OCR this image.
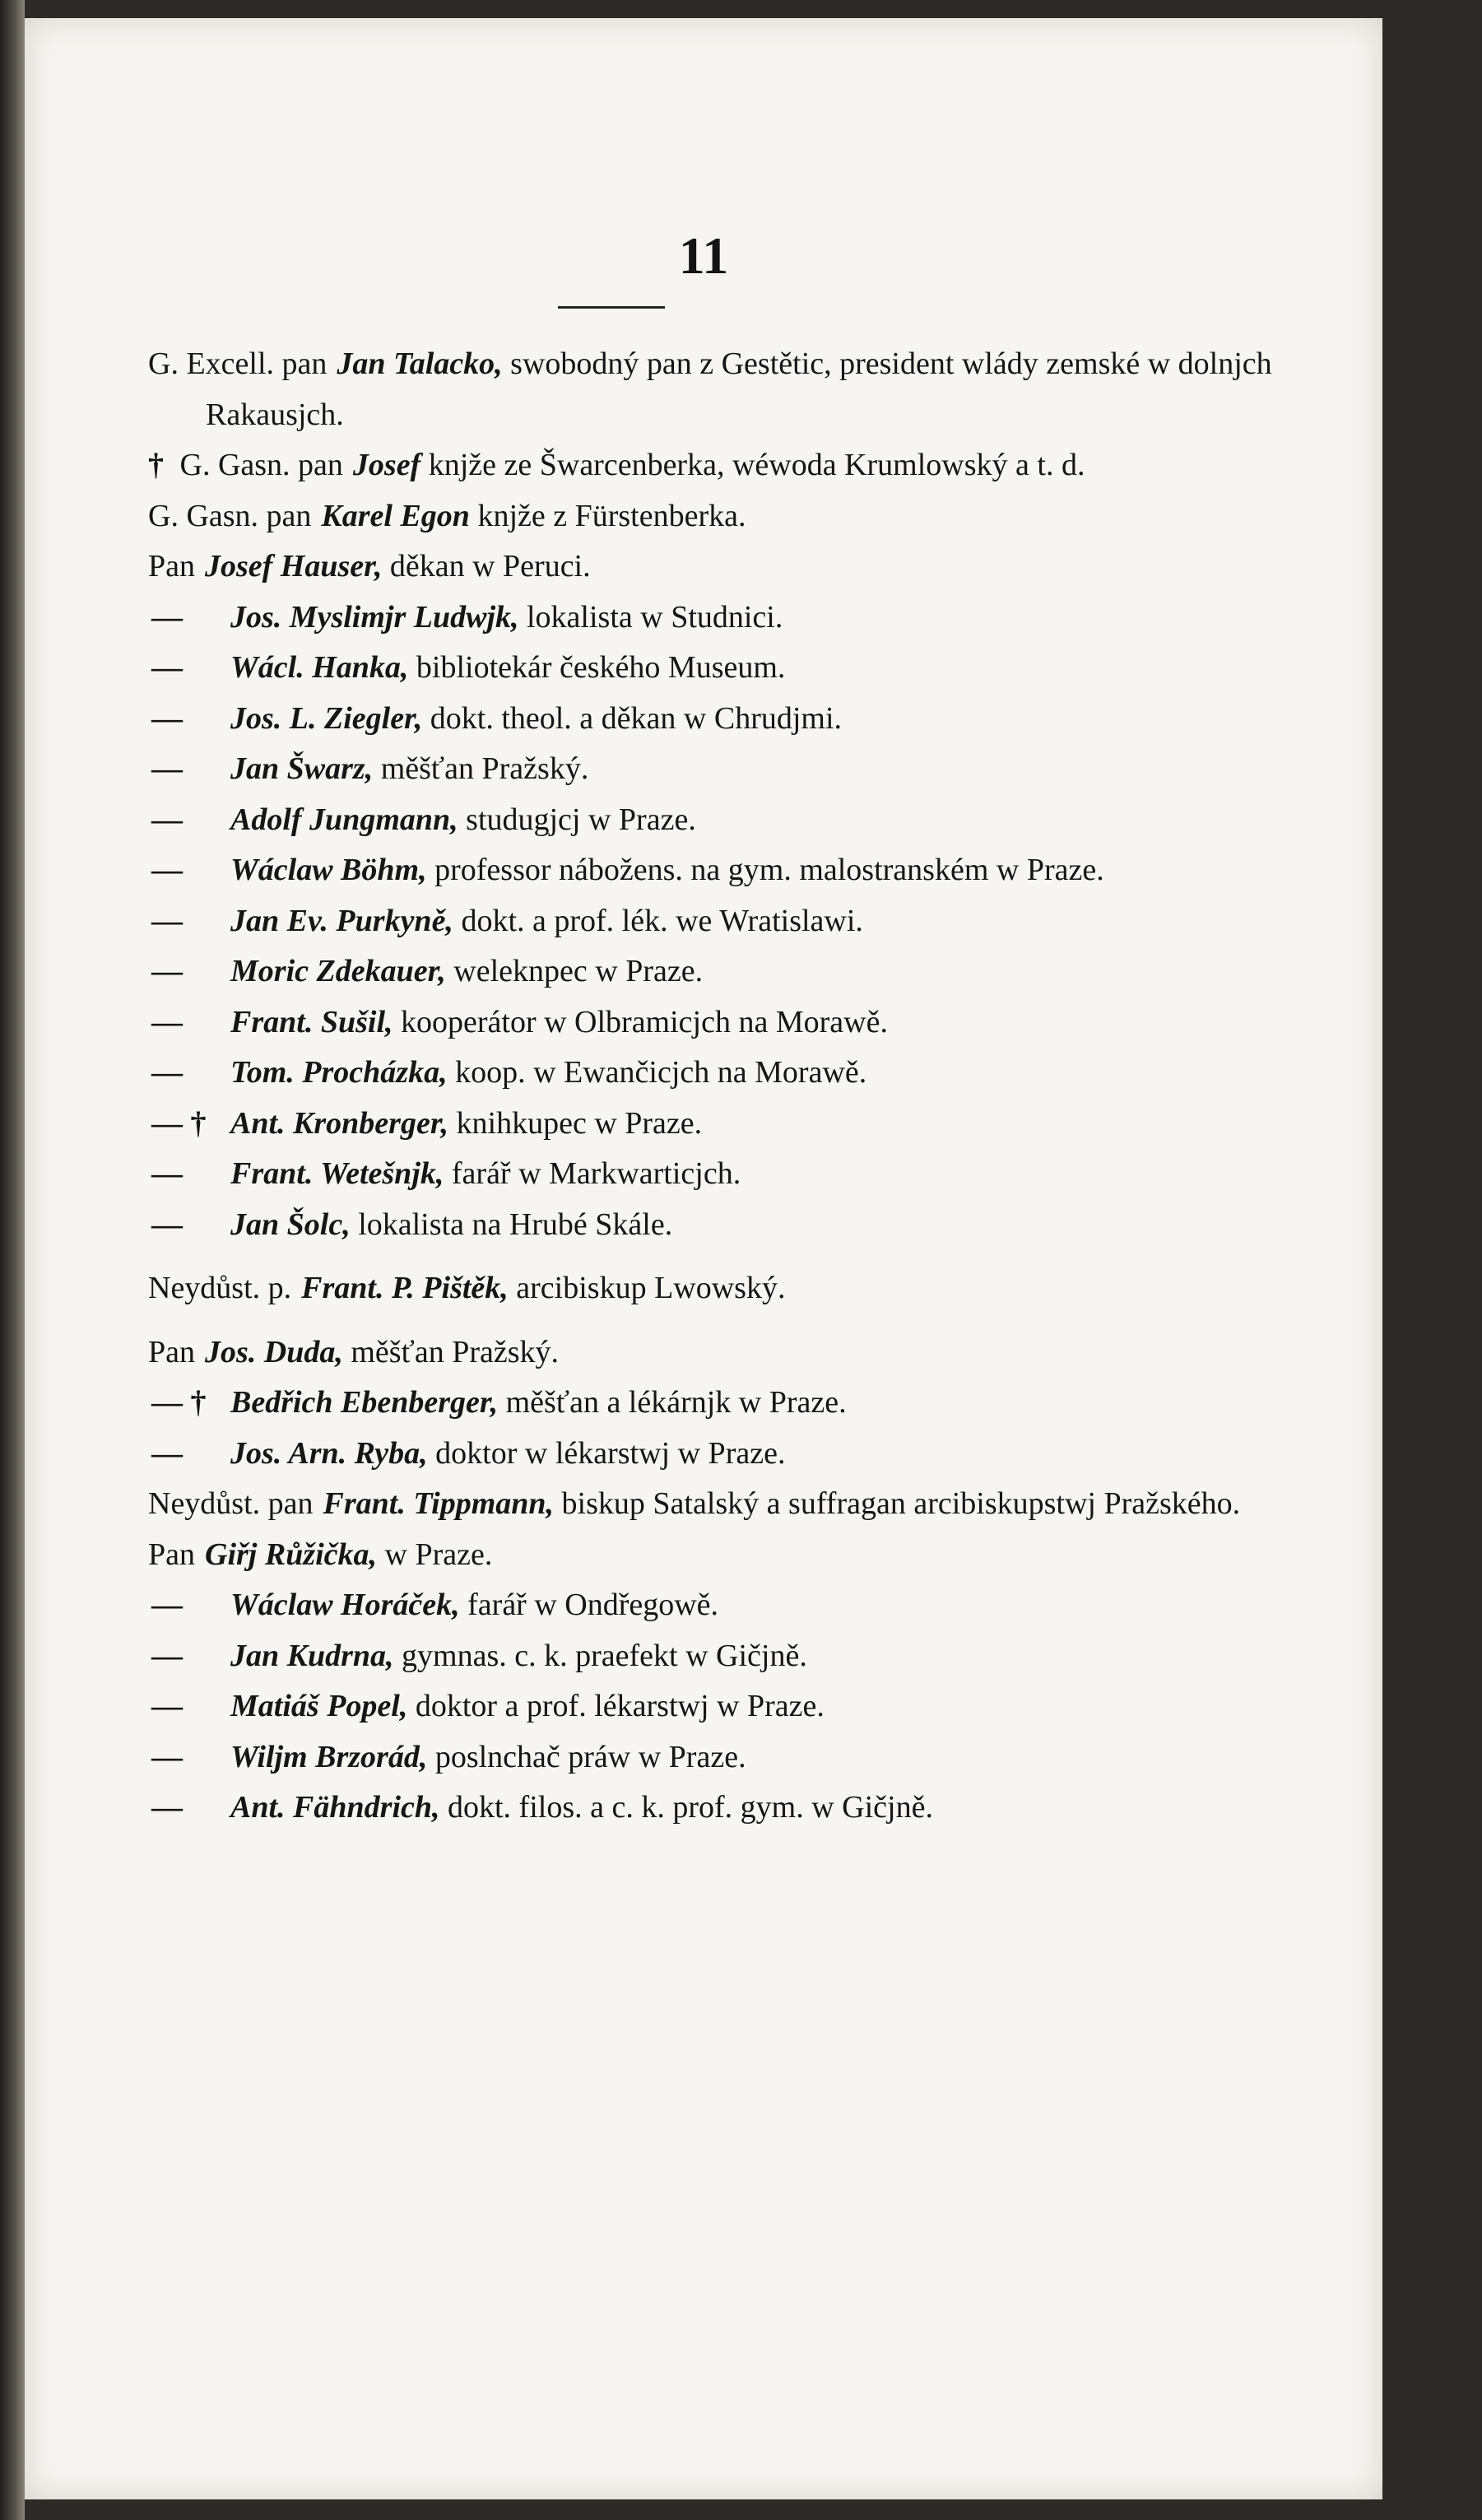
11
G. Excell. pan Jan Talacko, swobodný pan z Gestětic, president wlády zemské w dolnjch Rakausjch.
† G. Gasn. pan Josef knjže ze Šwarcenberka, wéwoda Krumlowský a t. d.
G. Gasn. pan Karel Egon knjže z Fürstenberka.
Pan Josef Hauser, děkan w Peruci.
— Jos. Myslimjr Ludwjk, lokalista w Studnici.
— Wácl. Hanka, bibliotekár českého Museum.
— Jos. L. Ziegler, dokt. theol. a děkan w Chrudjmi.
— Jan Šwarz, měšťan Pražský.
— Adolf Jungmann, studugjcj w Praze.
— Wáclaw Böhm, professor nábožens. na gym. malostranském w Praze.
— Jan Ev. Purkyně, dokt. a prof. lék. we Wratislawi.
— Moric Zdekauer, weleknpec w Praze.
— Frant. Sušil, kooperátor w Olbramicjch na Morawě.
— Tom. Procházka, koop. w Ewančicjch na Morawě.
— †Ant. Kronberger, knihkupec w Praze.
— Frant. Wetešnjk, farář w Markwarticjch.
— Jan Šolc, lokalista na Hrubé Skále.
Neydůst. p. Frant. P. Pištěk, arcibiskup Lwowský.
Pan Jos. Duda, měšťan Pražský.
— †Bedřich Ebenberger, měšťan a lékárnjk w Praze.
— Jos. Arn. Ryba, doktor w lékarstwj w Praze.
Neydůst. pan Frant. Tippmann, biskup Satalský a suffragan arcibiskupstwj Pražského.
Pan Giřj Růžička, w Praze.
— Wáclaw Horáček, farář w Ondřegowě.
— Jan Kudrna, gymnas. c. k. praefekt w Gičjně.
— Matiáš Popel, doktor a prof. lékarstwj w Praze.
— Wiljm Brzorád, poslnchač práw w Praze.
— Ant. Fähndrich, dokt. filos. a c. k. prof. gym. w Gičjně.
